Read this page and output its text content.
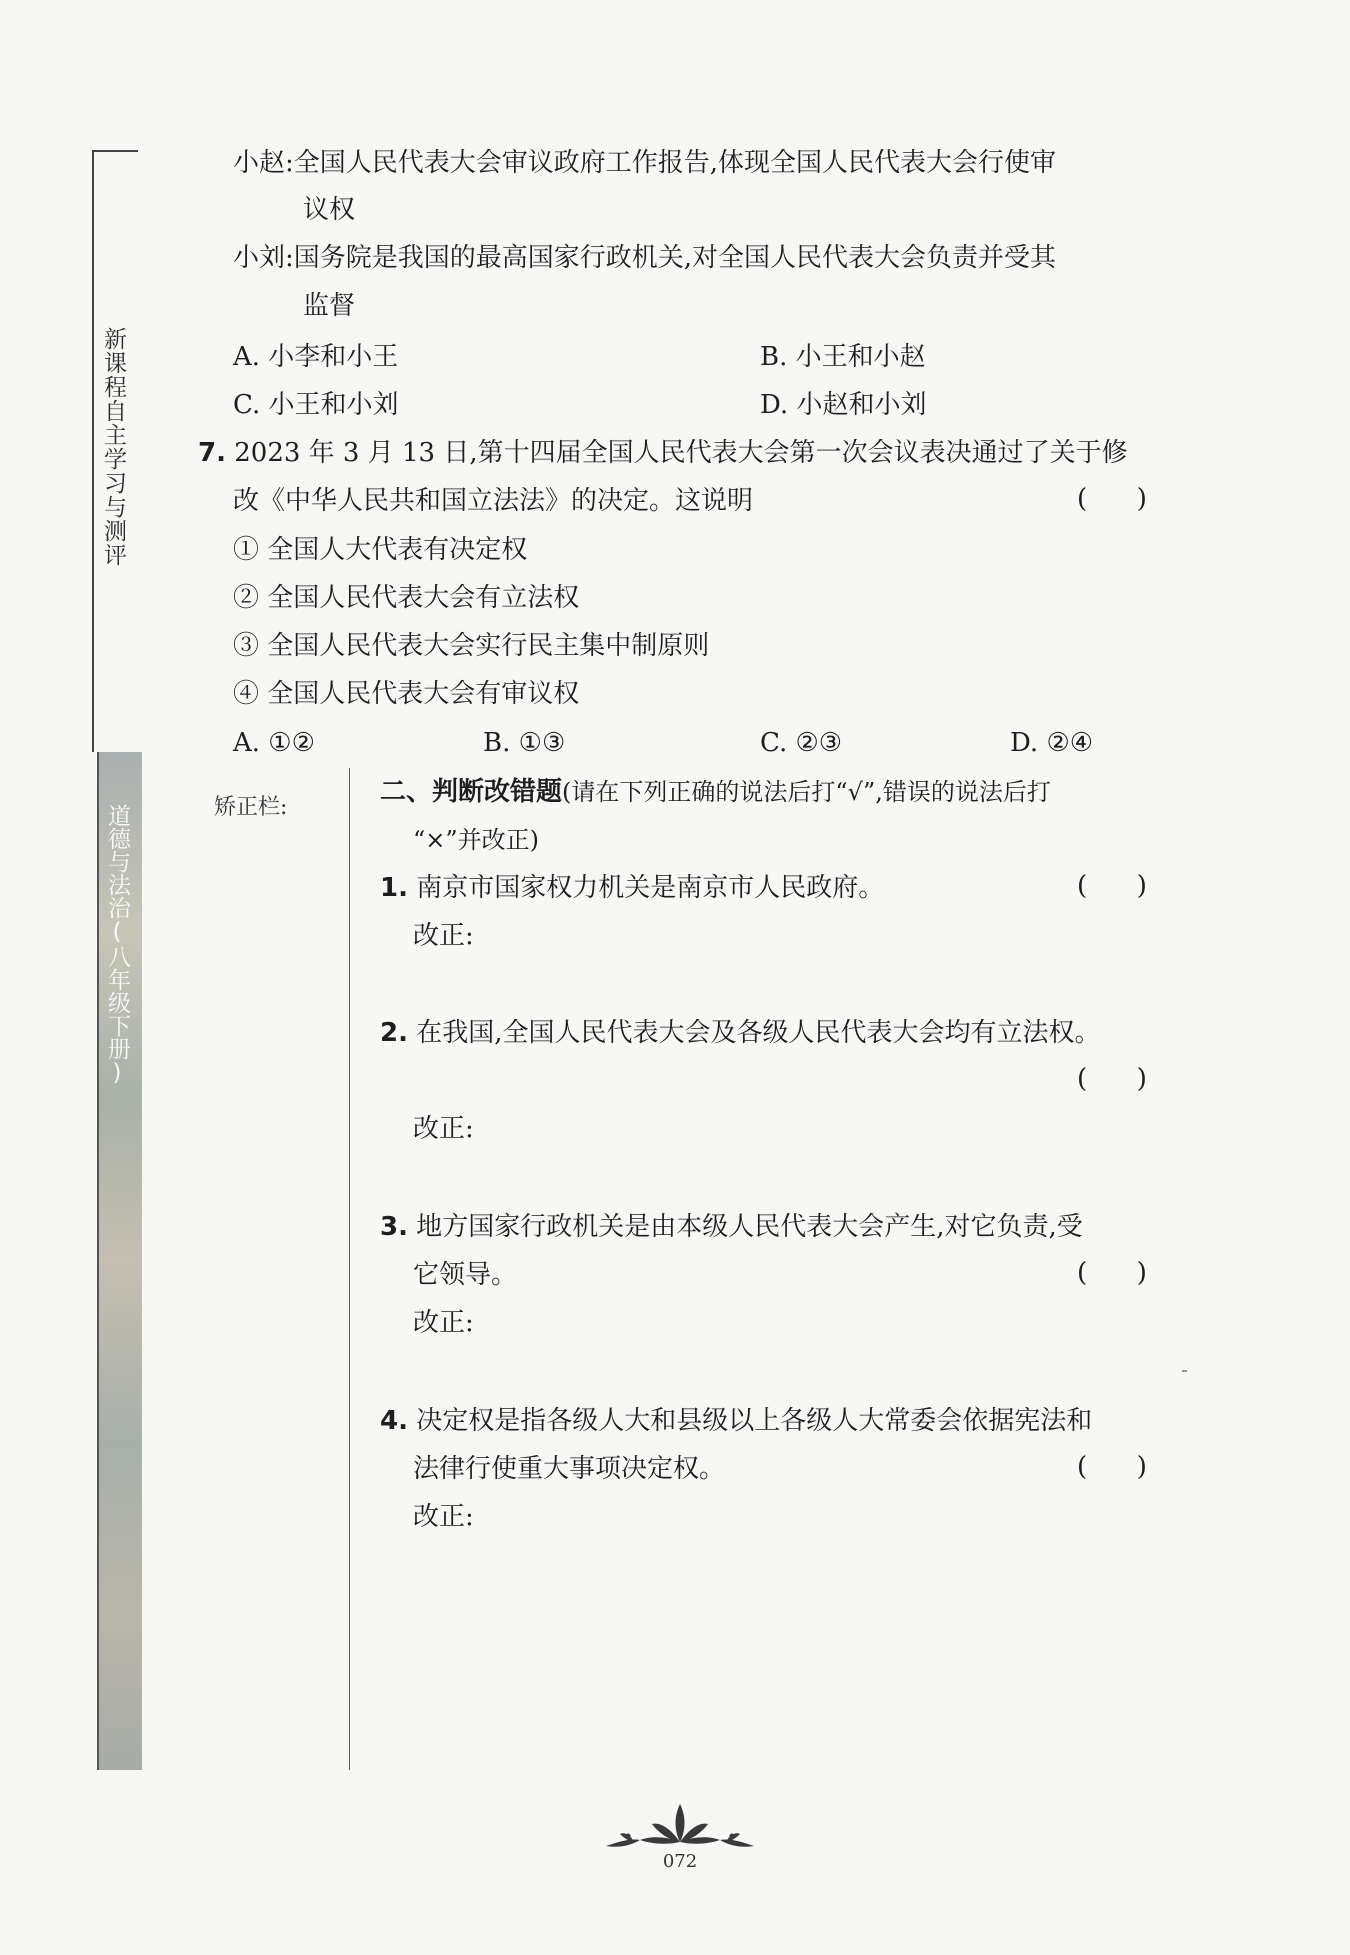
新课程自主学习与测评
道德与法治(八年级下册)
小赵:全国人民代表大会审议政府工作报告,体现全国人民代表大会行使审
议权
小刘:国务院是我国的最高国家行政机关,对全国人民代表大会负责并受其
监督
A. 小李和小王	B. 小王和小赵
C. 小王和小刘	D. 小赵和小刘
7. 2023 年 3 月 13 日,第十四届全国人民代表大会第一次会议表决通过了关于修
改《中华人民共和国立法法》的决定。这说明	(      )
① 全国人大代表有决定权
② 全国人民代表大会有立法权
③ 全国人民代表大会实行民主集中制原则
④ 全国人民代表大会有审议权
A. ①②	B. ①③	C. ②③	D. ②④
矫正栏:
二、判断改错题(请在下列正确的说法后打“√”,错误的说法后打
“×”并改正)
1. 南京市国家权力机关是南京市人民政府。	(      )
改正:
2. 在我国,全国人民代表大会及各级人民代表大会均有立法权。
(      )
改正:
3. 地方国家行政机关是由本级人民代表大会产生,对它负责,受
它领导。	(      )
改正:
4. 决定权是指各级人大和县级以上各级人大常委会依据宪法和
法律行使重大事项决定权。	(      )
改正:
072
